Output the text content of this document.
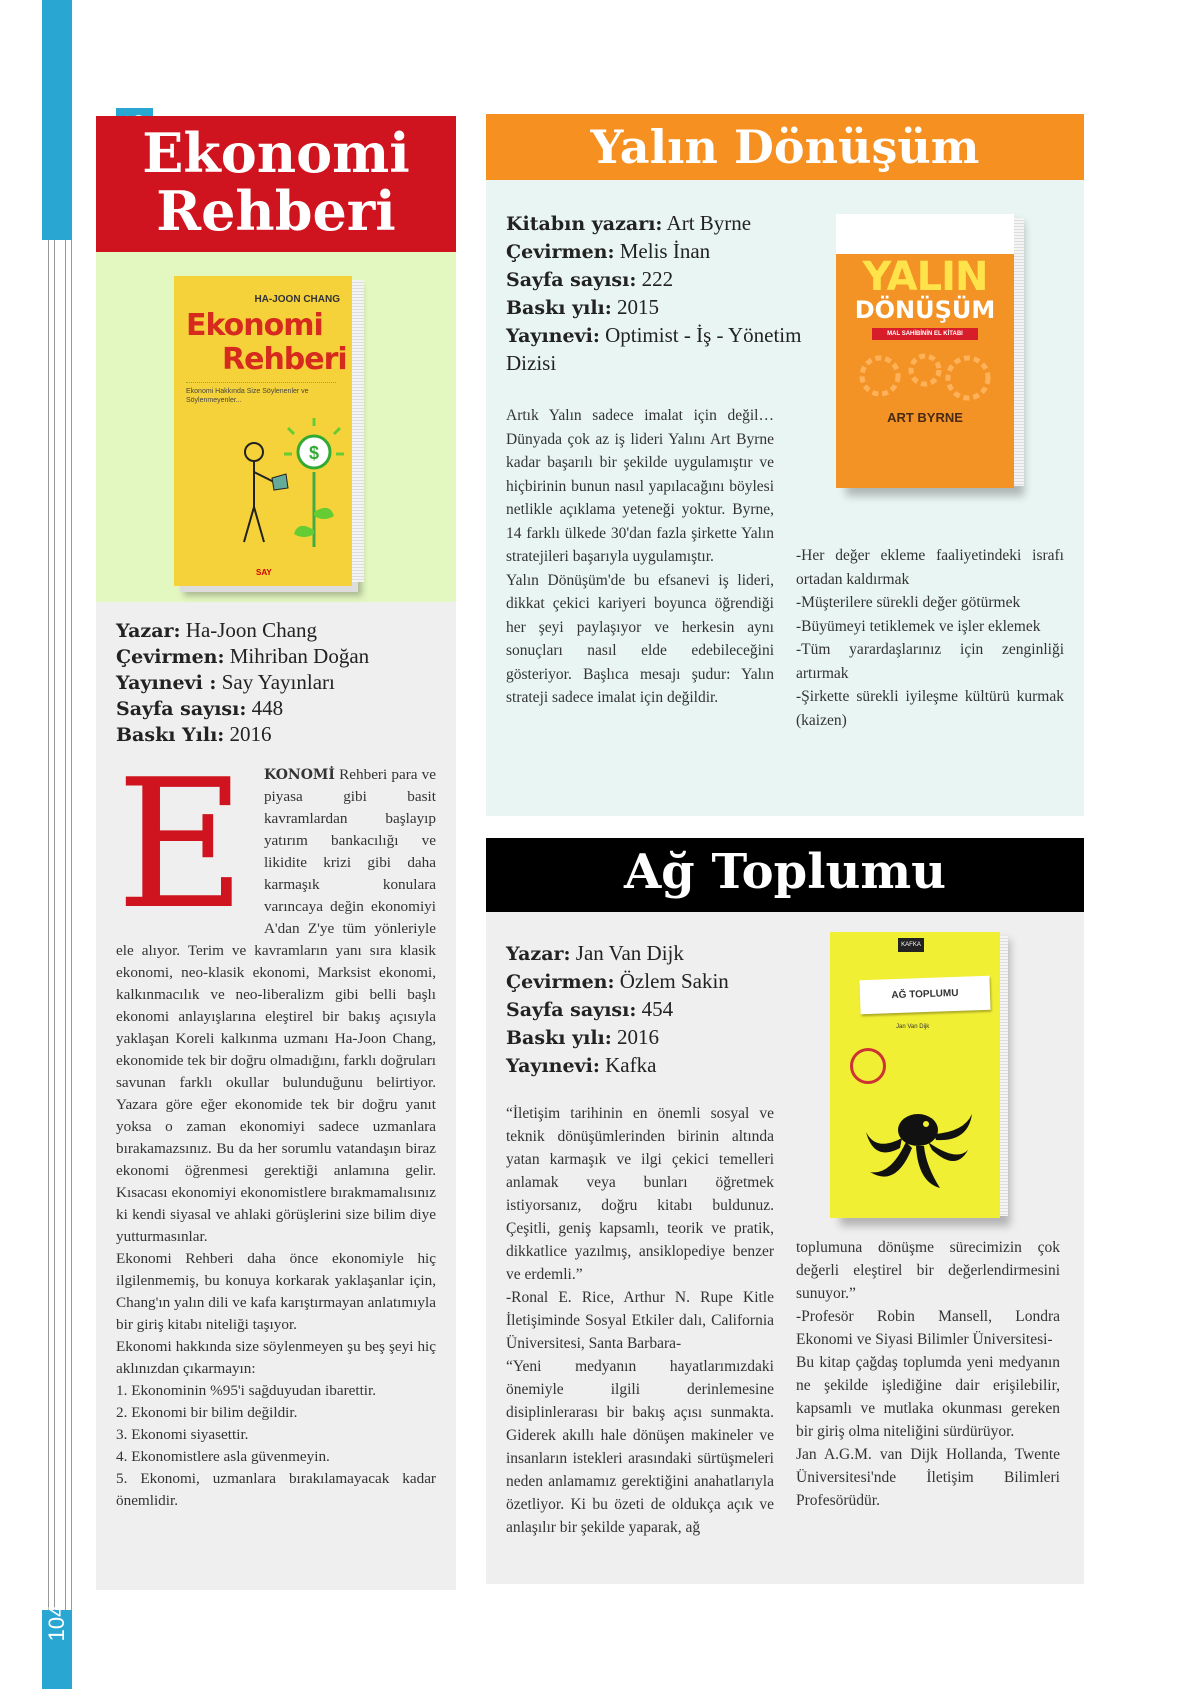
104
Ekonomi
Rehberi
HA-JOON CHANG
Ekonomi
Rehberi
Ekonomi Hakkında Size Söylenenler ve Söylenmeyenler...
$
SAY
Yazar: Ha-Joon Chang
Çevirmen: Mihriban Doğan
Yayınevi : Say Yayınları
Sayfa sayısı: 448
Baskı Yılı: 2016
E	KONOMİ Rehberi para ve piyasa gibi basit kavramlardan başlayıp yatırım bankacılığı ve likidite krizi gibi daha karmaşık konulara varıncaya değin ekonomiyi A'dan Z'ye tüm yönleriyle ele alıyor. Terim ve kavramların yanı sıra klasik ekonomi, neo-klasik ekonomi, Marksist ekonomi, kalkınmacılık ve neo-liberalizm gibi belli başlı ekonomi anlayışlarına eleştirel bir bakış açısıyla yaklaşan Koreli kalkınma uzmanı Ha-Joon Chang, ekonomide tek bir doğru olmadığını, farklı doğruları savunan farklı okullar bulunduğunu belirtiyor. Yazara göre eğer ekonomide tek bir doğru yanıt yoksa o zaman ekonomiyi sadece uzmanlara bırakamazsınız. Bu da her sorumlu vatandaşın biraz ekonomi öğrenmesi gerektiği anlamına gelir. Kısacası ekonomiyi ekonomistlere bırakmamalısınız ki kendi siyasal ve ahlaki görüşlerini size bilim diye yutturmasınlar.

Ekonomi Rehberi daha önce ekonomiyle hiç ilgilenmemiş, bu konuya korkarak yaklaşanlar için, Chang'ın yalın dili ve kafa karıştırmayan anlatımıyla bir giriş kitabı niteliği taşıyor.

Ekonomi hakkında size söylenmeyen şu beş şeyi hiç aklınızdan çıkarmayın:

1. Ekonominin %95'i sağduyudan ibarettir.

2. Ekonomi bir bilim değildir.

3. Ekonomi siyasettir.

4. Ekonomistlere asla güvenmeyin.

5. Ekonomi, uzmanlara bırakılamayacak kadar önemlidir.

Yalın Dönüşüm
Kitabın yazarı: Art Byrne
Çevirmen: Melis İnan
Sayfa sayısı: 222
Baskı yılı: 2015
Yayınevi: Optimist - İş - Yönetim Dizisi
YALIN
DÖNÜŞÜM
MAL SAHİBİNİN EL KİTABI
ART BYRNE

Artık Yalın sadece imalat için değil… Dünyada çok az iş lideri Yalını Art Byrne kadar başarılı bir şekilde uygulamıştır ve hiçbirinin bunun nasıl yapılacağını böylesi netlikle açıklama yeteneği yoktur. Byrne, 14 farklı ülkede 30'dan fazla şirkette Yalın stratejileri başarıyla uygulamıştır.

Yalın Dönüşüm'de bu efsanevi iş lideri, dikkat çekici kariyeri boyunca öğrendiği her şeyi paylaşıyor ve herkesin aynı sonuçları nasıl elde edebileceğini gösteriyor. Başlıca mesajı şudur: Yalın strateji sadece imalat için değildir.

-Her değer ekleme faaliyetindeki israfı ortadan kaldırmak

-Müşterilere sürekli değer götürmek

-Büyümeyi tetiklemek ve işler eklemek

-Tüm yarardaşlarınız için zenginliği artırmak

-Şirkette sürekli iyileşme kültürü kurmak (kaizen)

Ağ Toplumu
Yazar: Jan Van Dijk
Çevirmen: Özlem Sakin
Sayfa sayısı: 454
Baskı yılı: 2016
Yayınevi: Kafka
KAFKA
AĞ TOPLUMU
Jan Van Dijk

“İletişim tarihinin en önemli sosyal ve teknik dönüşümlerinden birinin altında yatan karmaşık ve ilgi çekici temelleri anlamak veya bunları öğretmek istiyorsanız, doğru kitabı buldunuz. Çeşitli, geniş kapsamlı, teorik ve pratik, dikkatlice yazılmış, ansiklopediye benzer ve erdemli.”

-Ronal E. Rice, Arthur N. Rupe Kitle İletişiminde Sosyal Etkiler dalı, California Üniversitesi, Santa Barbara-

“Yeni medyanın hayatlarımızdaki önemiyle ilgili derinlemesine disiplinlerarası bir bakış açısı sunmakta. Giderek akıllı hale dönüşen makineler ve insanların istekleri arasındaki sürtüşmeleri neden anlamamız gerektiğini anahatlarıyla özetliyor. Ki bu özeti de oldukça açık ve anlaşılır bir şekilde yaparak, ağ

toplumuna dönüşme sürecimizin çok değerli eleştirel bir değerlendirmesini sunuyor.”

-Profesör Robin Mansell, Londra Ekonomi ve Siyasi Bilimler Üniversitesi-

Bu kitap çağdaş toplumda yeni medyanın ne şekilde işlediğine dair erişilebilir, kapsamlı ve mutlaka okunması gereken bir giriş olma niteliğini sürdürüyor.

Jan A.G.M. van Dijk Hollanda, Twente Üniversitesi'nde İletişim Bilimleri Profesörüdür.
